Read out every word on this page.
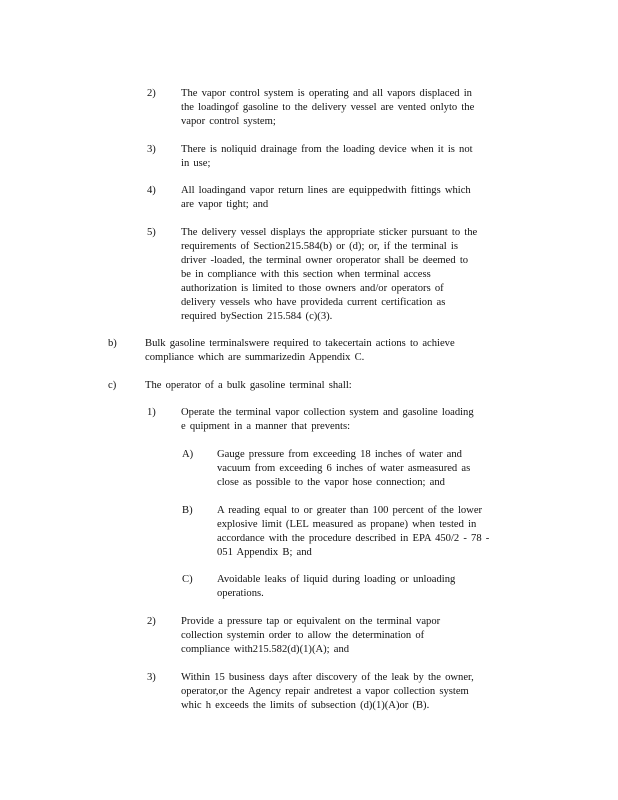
2) The vapor control system is operating and all vapors displaced in
the loadingof gasoline to the delivery vessel are vented onlyto the
vapor control system;
3) There is noliquid drainage from the loading device when it is not
in use;
4) All loadingand vapor return lines are equippedwith fittings which
are vapor tight; and
5) The delivery vessel displays the appropriate sticker pursuant to the
requirements of Section215.584(b) or (d); or, if the terminal is
driver -loaded, the terminal owner oroperator shall be deemed to
be in compliance with this section when terminal access
authorization is limited to those owners and/or operators of
delivery vessels who have provideda current certification as
required bySection 215.584 (c)(3).
b)	Bulk gasoline terminalswere required to takecertain actions to achieve
compliance which are summarizedin Appendix C.
c)	The operator of a bulk gasoline terminal shall:
1) Operate the terminal vapor collection system and gasoline loading
e quipment in a manner that prevents:
A) Gauge pressure from exceeding 18 inches of water and
vacuum from exceeding 6 inches of water asmeasured as
close as possible to the vapor hose connection; and
B) A reading equal to or greater than 100 percent of the lower
explosive limit (LEL measured as propane) when tested in
accordance with the procedure described in EPA 450/2 - 78 -
051 Appendix B; and
C) Avoidable leaks of liquid during loading or unloading
operations.
2) Provide a pressure tap or equivalent on the terminal vapor
collection systemin order to allow the determination of
compliance with215.582(d)(1)(A); and
3) Within 15 business days after discovery of the leak by the owner,
operator,or the Agency repair andretest a vapor collection system
whic h exceeds the limits of subsection (d)(1)(A)or (B).
